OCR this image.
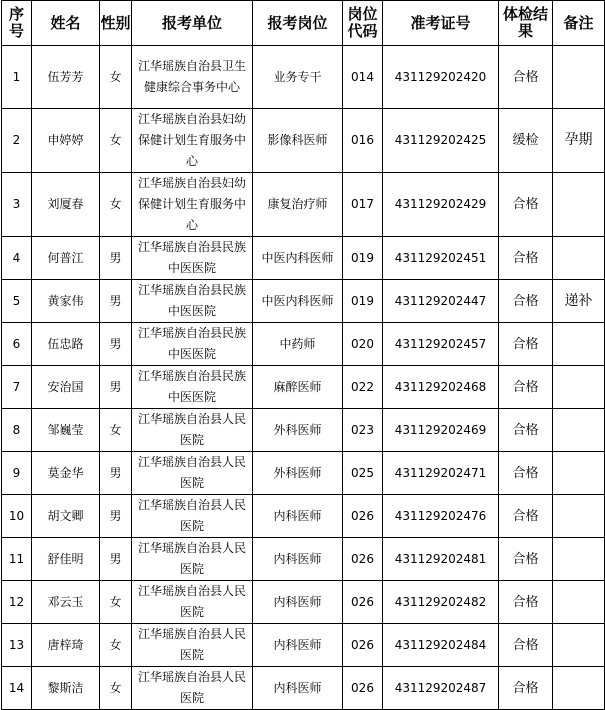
序号	姓名	性别	报考单位	报考岗位	岗位代码	准考证号	体检结果	备注
1	伍芳芳	女	江华瑶族自治县卫生健康综合事务中心	业务专干	014	431129202420	合格	
2	申婷婷	女	江华瑶族自治县妇幼保健计划生育服务中心	影像科医师	016	431129202425	缓检	孕期
3	刘厦春	女	江华瑶族自治县妇幼保健计划生育服务中心	康复治疗师	017	431129202429	合格	
4	何普江	男	江华瑶族自治县民族中医医院	中医内科医师	019	431129202451	合格	
5	黄家伟	男	江华瑶族自治县民族中医医院	中医内科医师	019	431129202447	合格	递补
6	伍忠路	男	江华瑶族自治县民族中医医院	中药师	020	431129202457	合格	
7	安治国	男	江华瑶族自治县民族中医医院	麻醉医师	022	431129202468	合格	
8	邹巍莹	女	江华瑶族自治县人民医院	外科医师	023	431129202469	合格	
9	莫金华	男	江华瑶族自治县人民医院	外科医师	025	431129202471	合格	
10	胡文卿	男	江华瑶族自治县人民医院	内科医师	026	431129202476	合格	
11	舒佳明	男	江华瑶族自治县人民医院	内科医师	026	431129202481	合格	
12	邓云玉	女	江华瑶族自治县人民医院	内科医师	026	431129202482	合格	
13	唐梓琦	女	江华瑶族自治县人民医院	内科医师	026	431129202484	合格	
14	黎斯洁	女	江华瑶族自治县人民医院	内科医师	026	431129202487	合格	
